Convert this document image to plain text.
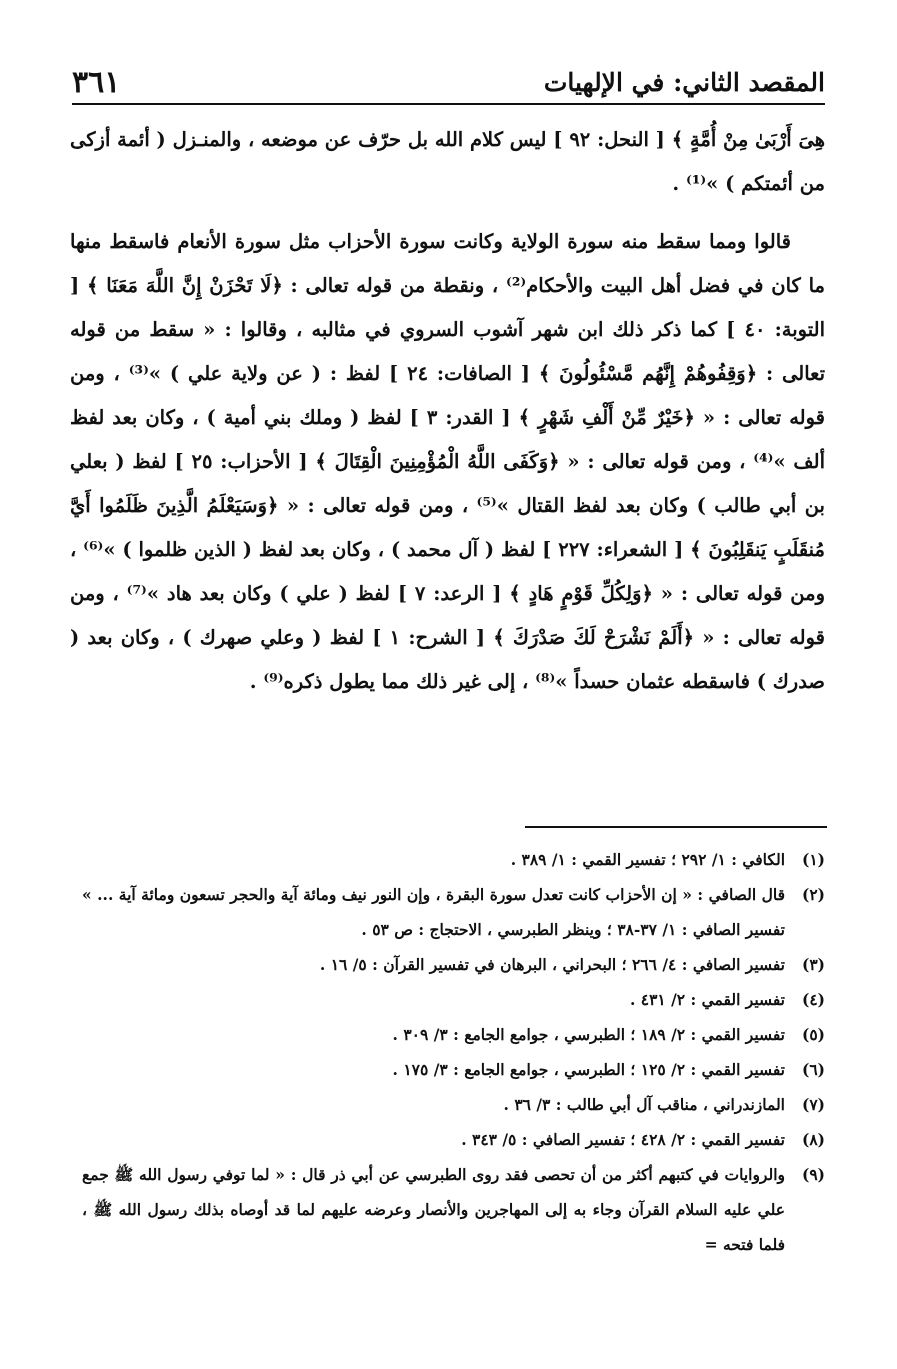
المقصد الثاني: في الإلهيات
٣٦١

هِىَ أَرْبَىٰ مِنْ أُمَّةٍ ﴾ [ النحل: ٩٢ ] ليس كلام الله بل حرّف عن موضعه ، والمنـزل ( أئمة أزكى من أئمتكم ) »⁽¹⁾ .

قالوا ومما سقط منه سورة الولاية وكانت سورة الأحزاب مثل سورة الأنعام فاسقط منها ما كان في فضل أهل البيت والأحكام⁽²⁾ ، ونقطة من قوله تعالى : ﴿لَا تَحْزَنْ إِنَّ اللَّهَ مَعَنَا ﴾ [ التوبة: ٤٠ ] كما ذكر ذلك ابن شهر آشوب السروي في مثالبه ، وقالوا : « سقط من قوله تعالى : ﴿وَقِفُوهُمْ إِنَّهُم مَّسْئُولُونَ ﴾ [ الصافات: ٢٤ ] لفظ : ( عن ولاية علي ) »⁽³⁾ ، ومن قوله تعالى : « ﴿خَيْرٌ مِّنْ أَلْفِ شَهْرٍ ﴾ [ القدر: ٣ ] لفظ ( وملك بني أمية ) ، وكان بعد لفظ ألف »⁽⁴⁾ ، ومن قوله تعالى : « ﴿وَكَفَى اللَّهُ الْمُؤْمِنِينَ الْقِتَالَ ﴾ [ الأحزاب: ٢٥ ] لفظ ( بعلي بن أبي طالب ) وكان بعد لفظ القتال »⁽⁵⁾ ، ومن قوله تعالى : « ﴿وَسَيَعْلَمُ الَّذِينَ ظَلَمُوا أَيَّ مُنقَلَبٍ يَنقَلِبُونَ ﴾ [ الشعراء: ٢٢٧ ] لفظ ( آل محمد ) ، وكان بعد لفظ ( الذين ظلموا ) »⁽⁶⁾ ، ومن قوله تعالى : « ﴿وَلِكُلِّ قَوْمٍ هَادٍ ﴾ [ الرعد: ٧ ] لفظ ( علي ) وكان بعد هاد »⁽⁷⁾ ، ومن قوله تعالى : « ﴿أَلَمْ نَشْرَحْ لَكَ صَدْرَكَ ﴾ [ الشرح: ١ ] لفظ ( وعلي صهرك ) ، وكان بعد ( صدرك ) فاسقطه عثمان حسداً »⁽⁸⁾ ، إلى غير ذلك مما يطول ذكره⁽⁹⁾ .

(١)
الكافي : ١/ ٢٩٢ ؛ تفسير القمي : ١/ ٣٨٩ .
(٢)
قال الصافي : « إن الأحزاب كانت تعدل سورة البقرة ، وإن النور نيف ومائة آية والحجر تسعون ومائة آية ... » تفسير الصافي : ١/ ٣٧-٣٨ ؛ وينظر الطبرسي ، الاحتجاج : ص ٥٣ .
(٣)
تفسير الصافي : ٤/ ٢٦٦ ؛ البحراني ، البرهان في تفسير القرآن : ٥/ ١٦ .
(٤)
تفسير القمي : ٢/ ٤٣١ .
(٥)
تفسير القمي : ٢/ ١٨٩ ؛ الطبرسي ، جوامع الجامع : ٣/ ٣٠٩ .
(٦)
تفسير القمي : ٢/ ١٢٥ ؛ الطبرسي ، جوامع الجامع : ٣/ ١٧٥ .
(٧)
المازندراني ، مناقب آل أبي طالب : ٣/ ٣٦ .
(٨)
تفسير القمي : ٢/ ٤٢٨ ؛ تفسير الصافي : ٥/ ٣٤٣ .
(٩)
والروايات في كتبهم أكثر من أن تحصى فقد روى الطبرسي عن أبي ذر قال : « لما توفي رسول الله ﷺ جمع علي عليه السلام القرآن وجاء به إلى المهاجرين والأنصار وعرضه عليهم لما قد أوصاه بذلك رسول الله ﷺ ، فلما فتحه =
